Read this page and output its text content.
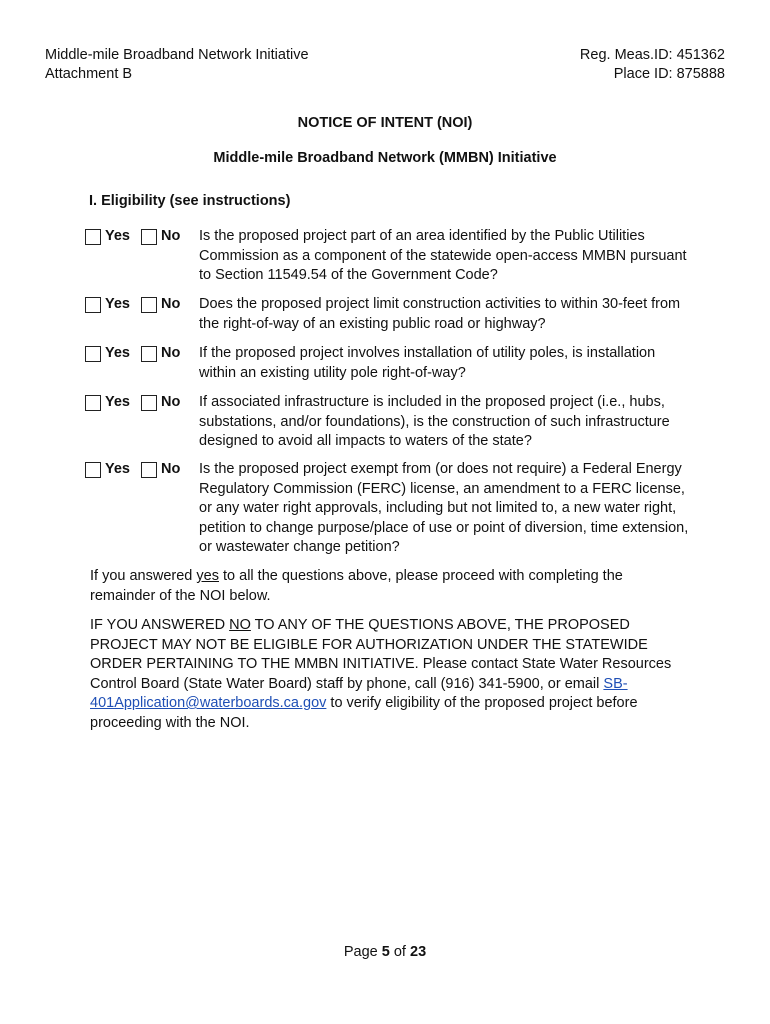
Middle-mile Broadband Network Initiative
Attachment B
Reg. Meas.ID: 451362
Place ID: 875888
NOTICE OF INTENT (NOI)
Middle-mile Broadband Network (MMBN) Initiative
I. Eligibility (see instructions)
Yes No Is the proposed project part of an area identified by the Public Utilities Commission as a component of the statewide open-access MMBN pursuant to Section 11549.54 of the Government Code?
Yes No Does the proposed project limit construction activities to within 30-feet from the right-of-way of an existing public road or highway?
Yes No If the proposed project involves installation of utility poles, is installation within an existing utility pole right-of-way?
Yes No If associated infrastructure is included in the proposed project (i.e., hubs, substations, and/or foundations), is the construction of such infrastructure designed to avoid all impacts to waters of the state?
Yes No Is the proposed project exempt from (or does not require) a Federal Energy Regulatory Commission (FERC) license, an amendment to a FERC license, or any water right approvals, including but not limited to, a new water right, petition to change purpose/place of use or point of diversion, time extension, or wastewater change petition?
If you answered yes to all the questions above, please proceed with completing the remainder of the NOI below.
IF YOU ANSWERED NO TO ANY OF THE QUESTIONS ABOVE, THE PROPOSED PROJECT MAY NOT BE ELIGIBLE FOR AUTHORIZATION UNDER THE STATEWIDE ORDER PERTAINING TO THE MMBN INITIATIVE. Please contact State Water Resources Control Board (State Water Board) staff by phone, call (916) 341-5900, or email SB-401Application@waterboards.ca.gov to verify eligibility of the proposed project before proceeding with the NOI.
Page 5 of 23
